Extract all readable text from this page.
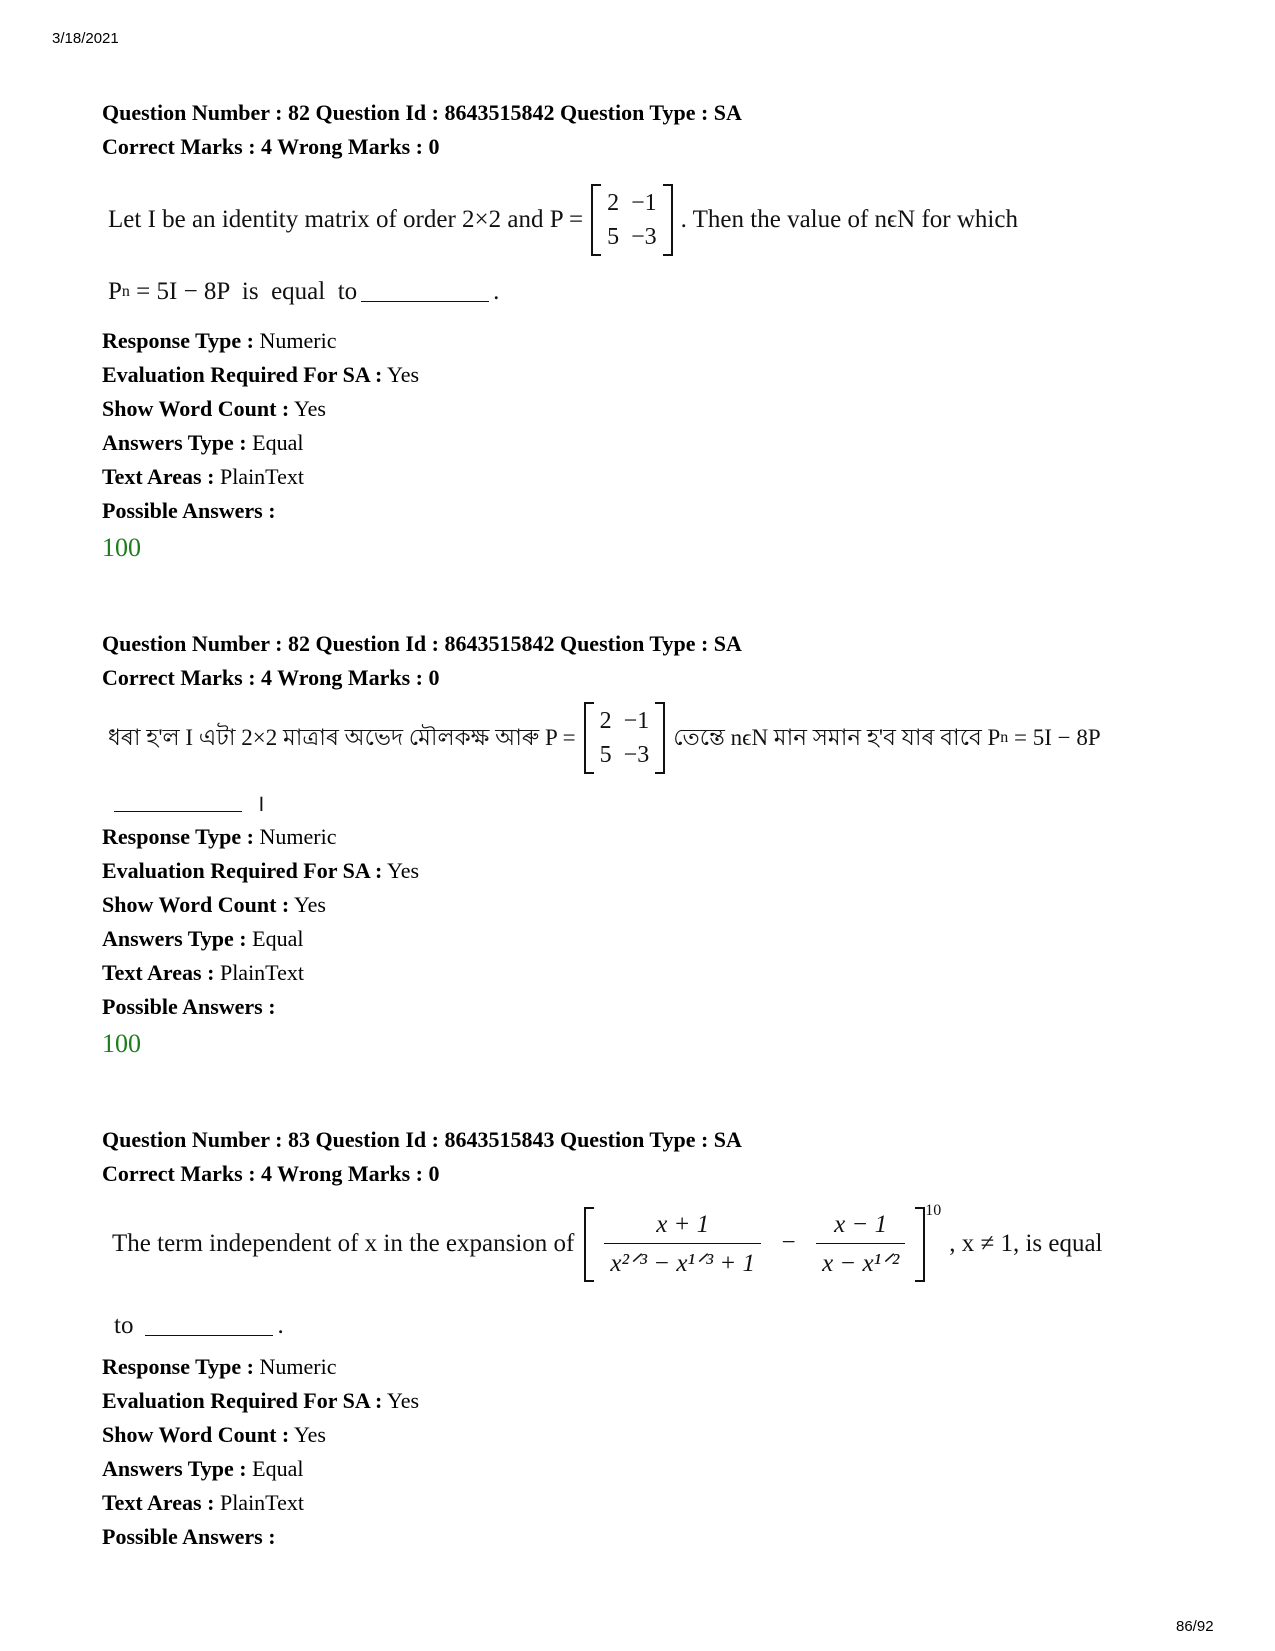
3/18/2021
Question Number : 82 Question Id : 8643515842 Question Type : SA
Correct Marks : 4 Wrong Marks : 0
Let I be an identity matrix of order 2×2 and P =
2	−1
5	−3
. Then the value of nϵN for which
P n = 5I − 8P  is  equal  to	.
Response Type : Numeric
Evaluation Required For SA : Yes
Show Word Count : Yes
Answers Type : Equal
Text Areas : PlainText
Possible Answers :
100
Question Number : 82 Question Id : 8643515842 Question Type : SA
Correct Marks : 4 Wrong Marks : 0
ধৰা হ'ল I এটা 2×2 মাত্ৰাৰ অভেদ মৌলকক্ষ আৰু P =
2	−1
5	−3
তেন্তে nϵN মান সমান হ'ব যাৰ বাবে P n = 5I − 8P
।
Response Type : Numeric
Evaluation Required For SA : Yes
Show Word Count : Yes
Answers Type : Equal
Text Areas : PlainText
Possible Answers :
100
Question Number : 83 Question Id : 8643515843 Question Type : SA
Correct Marks : 4 Wrong Marks : 0
The term independent of x in the expansion of $\frac{x + 1}{\text{x²ᐟ³ − x¹ᐟ³ + 1}} - \frac{x - 1}{\text{x − x¹ᐟ²}} ^{10}$
, x ≠ 1, is equal
to	.
Response Type : Numeric
Evaluation Required For SA : Yes
Show Word Count : Yes
Answers Type : Equal
Text Areas : PlainText
Possible Answers :
86/92
